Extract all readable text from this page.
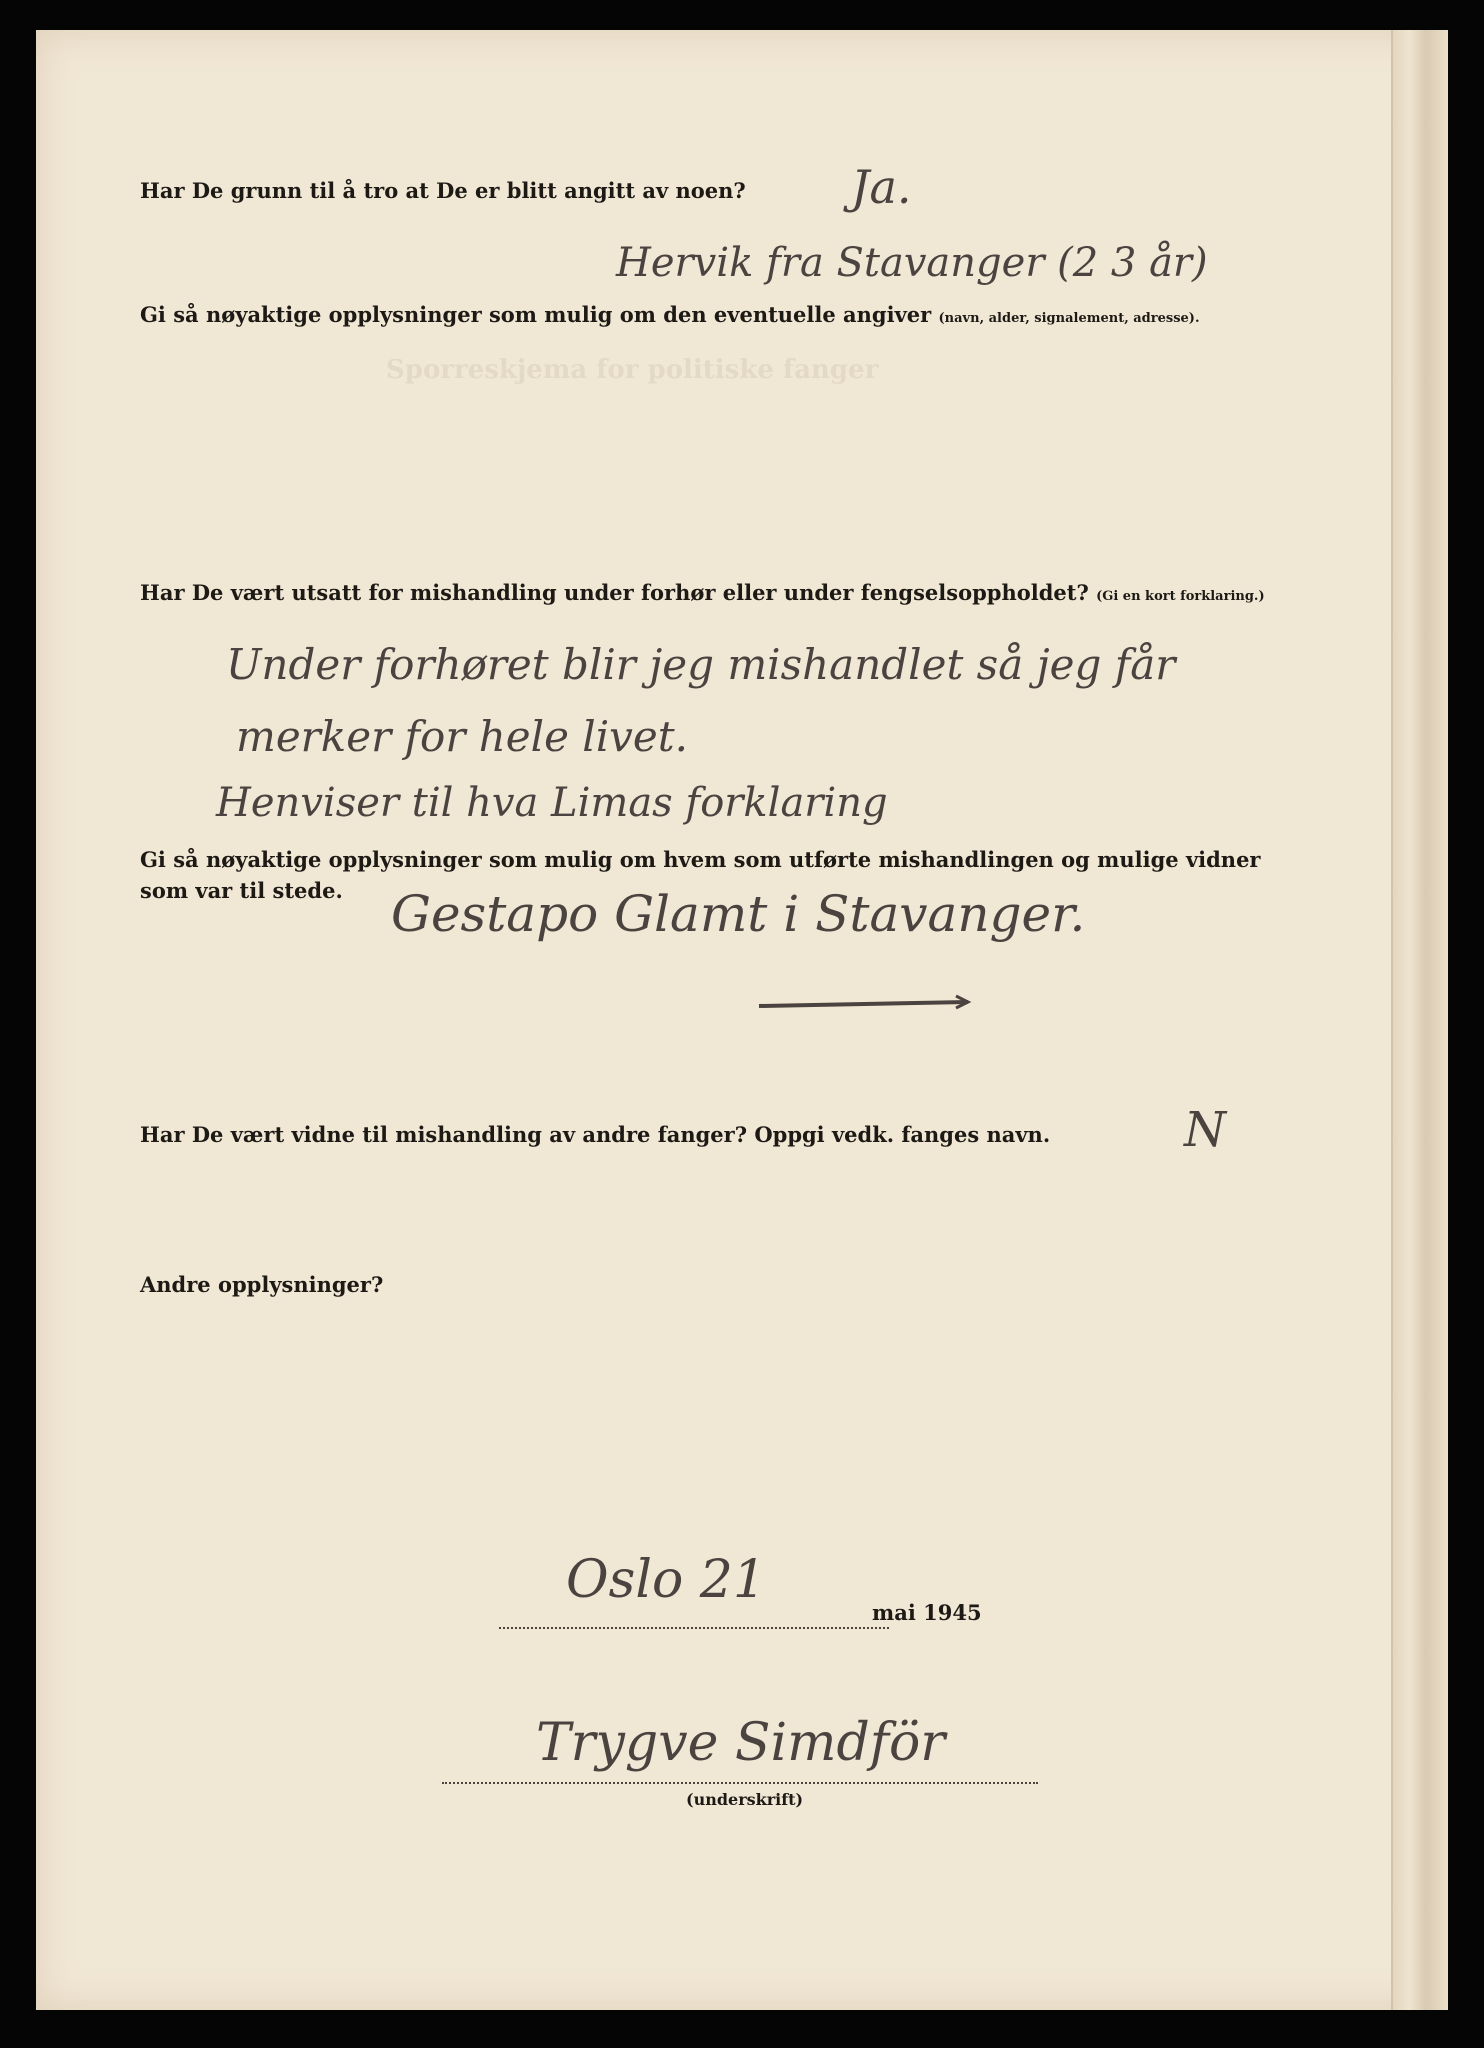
Sporreskjema for politiske fanger
Har De grunn til å tro at De er blitt angitt av noen? Ja.
Hervik fra Stavanger (2 3 år)
Gi så nøyaktige opplysninger som mulig om den eventuelle angiver (navn, alder, signalement, adresse).
Har De vært utsatt for mishandling under forhør eller under fengselsoppholdet? (Gi en kort forklaring.)
Under forhøret blir jeg mishandlet så jeg får
merker for hele livet.
Henviser til hva Limas forklaring
Gi så nøyaktige opplysninger som mulig om hvem som utførte mishandlingen og mulige vidner
som var til stede. Gestapo Glamt i Stavanger.
Har De vært vidne til mishandling av andre fanger? Oppgi vedk. fanges navn.	N
Andre opplysninger?
Oslo 21
mai 1945
Trygve Simdför
(underskrift)
